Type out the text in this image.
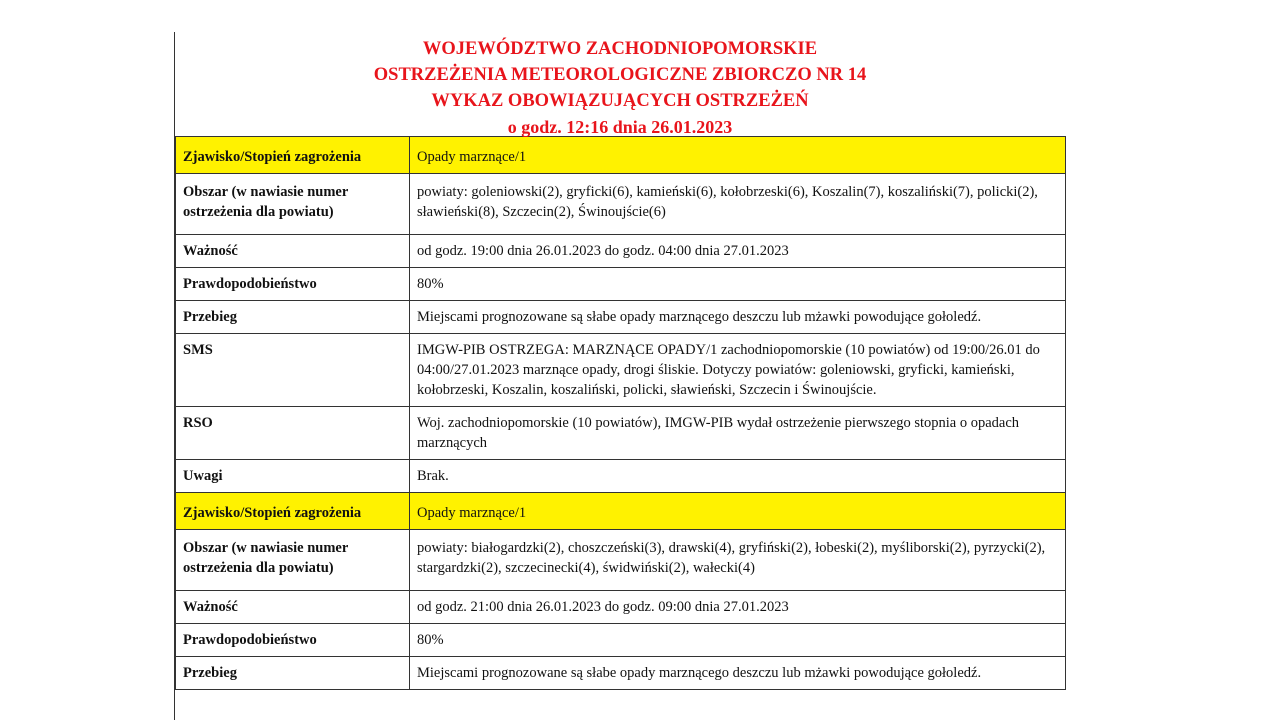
WOJEWÓDZTWO ZACHODNIOPOMORSKIE
OSTRZEŻENIA METEOROLOGICZNE ZBIORCZO NR 14
WYKAZ OBOWIĄZUJĄCYCH OSTRZEŻEŃ
o godz. 12:16 dnia 26.01.2023
Zjawisko/Stopień zagrożenia	Opady marznące/1
Obszar (w nawiasie numer ostrzeżenia dla powiatu)	powiaty: goleniowski(2), gryficki(6), kamieński(6), kołobrzeski(6), Koszalin(7), koszaliński(7), policki(2), sławieński(8), Szczecin(2), Świnoujście(6)
Ważność	od godz. 19:00 dnia 26.01.2023 do godz. 04:00 dnia 27.01.2023
Prawdopodobieństwo	80%
Przebieg	Miejscami prognozowane są słabe opady marznącego deszczu lub mżawki powodujące gołoledź.
SMS	IMGW-PIB OSTRZEGA: MARZNĄCE OPADY/1 zachodniopomorskie (10 powiatów) od 19:00/26.01 do 04:00/27.01.2023 marznące opady, drogi śliskie. Dotyczy powiatów: goleniowski, gryficki, kamieński, kołobrzeski, Koszalin, koszaliński, policki, sławieński, Szczecin i Świnoujście.
RSO	Woj. zachodniopomorskie (10 powiatów), IMGW-PIB wydał ostrzeżenie pierwszego stopnia o opadach marznących
Uwagi	Brak.
Zjawisko/Stopień zagrożenia	Opady marznące/1
Obszar (w nawiasie numer ostrzeżenia dla powiatu)	powiaty: białogardzki(2), choszczeński(3), drawski(4), gryfiński(2), łobeski(2), myśliborski(2), pyrzycki(2), stargardzki(2), szczecinecki(4), świdwiński(2), wałecki(4)
Ważność	od godz. 21:00 dnia 26.01.2023 do godz. 09:00 dnia 27.01.2023
Prawdopodobieństwo	80%
Przebieg	Miejscami prognozowane są słabe opady marznącego deszczu lub mżawki powodujące gołoledź.
